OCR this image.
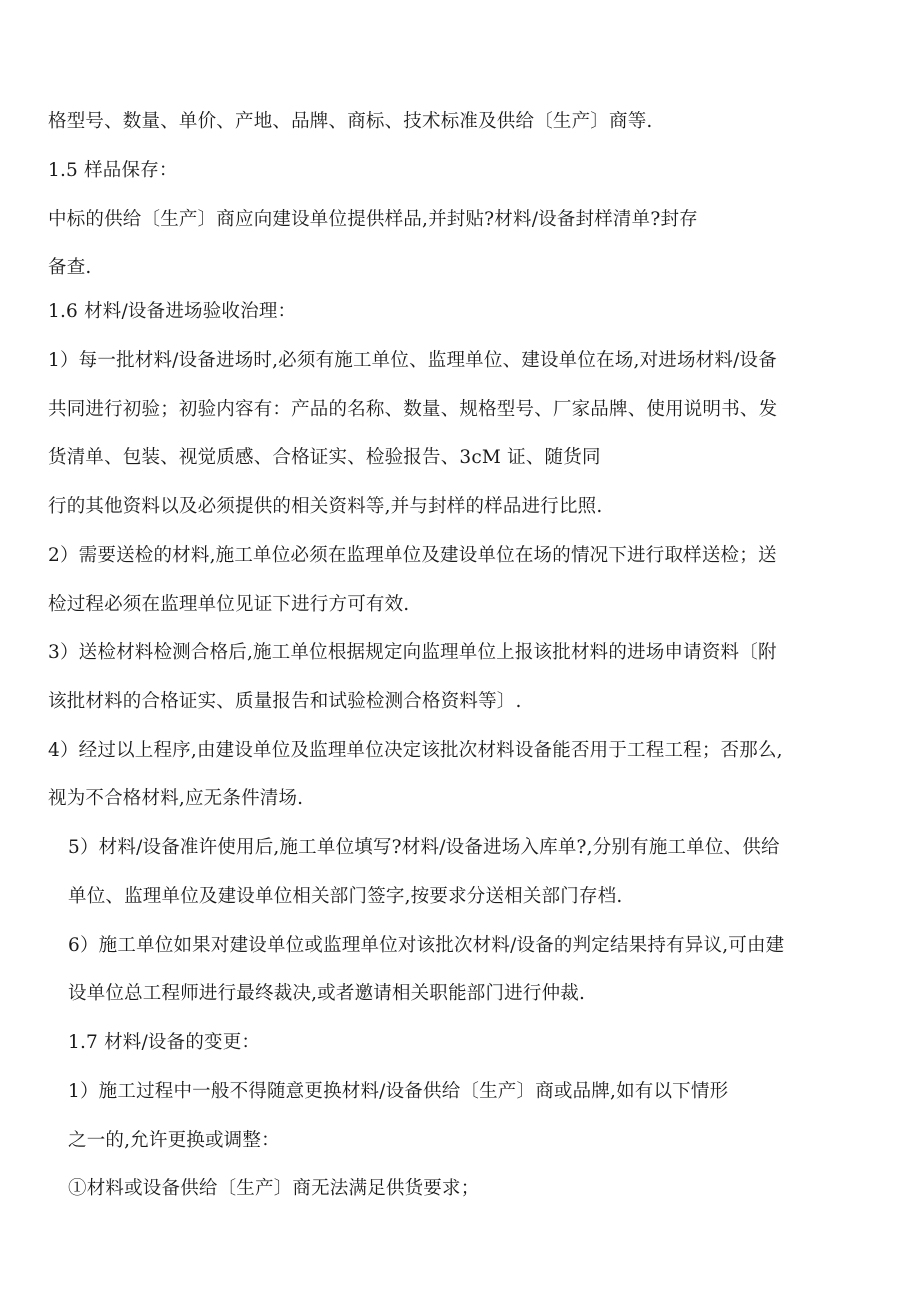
格型号、数量、单价、产地、品牌、商标、技术标准及供给〔生产〕商等.
1.5 样品保存：
中标的供给〔生产〕商应向建设单位提供样品,并封贴?材料/设备封样清单?封存
备查.
1.6 材料/设备进场验收治理：
1）每一批材料/设备进场时,必须有施工单位、监理单位、建设单位在场,对进场材料/设备
共同进行初验；初验内容有：产品的名称、数量、规格型号、厂家品牌、使用说明书、发
货清单、包装、视觉质感、合格证实、检验报告、3cM 证、随货同
行的其他资料以及必须提供的相关资料等,并与封样的样品进行比照.
2）需要送检的材料,施工单位必须在监理单位及建设单位在场的情况下进行取样送检；送
检过程必须在监理单位见证下进行方可有效.
3）送检材料检测合格后,施工单位根据规定向监理单位上报该批材料的进场申请资料〔附
该批材料的合格证实、质量报告和试验检测合格资料等〕.
4）经过以上程序,由建设单位及监理单位决定该批次材料设备能否用于工程工程；否那么,
视为不合格材料,应无条件清场.
5）材料/设备准许使用后,施工单位填写?材料/设备进场入库单?,分别有施工单位、供给
单位、监理单位及建设单位相关部门签字,按要求分送相关部门存档.
6）施工单位如果对建设单位或监理单位对该批次材料/设备的判定结果持有异议,可由建
设单位总工程师进行最终裁决,或者邀请相关职能部门进行仲裁.
1.7 材料/设备的变更：
1）施工过程中一般不得随意更换材料/设备供给〔生产〕商或品牌,如有以下情形
之一的,允许更换或调整：
①材料或设备供给〔生产〕商无法满足供货要求；
